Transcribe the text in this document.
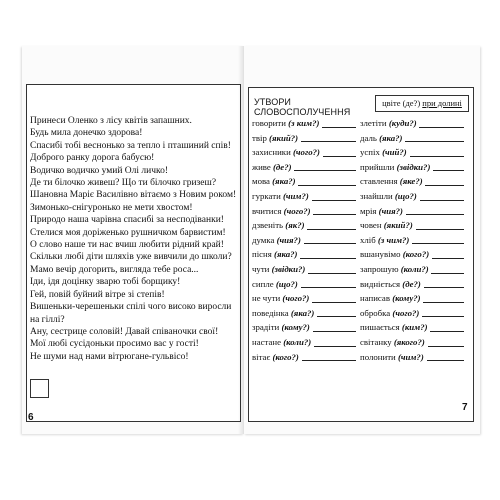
Принеси Оленко з лісу квітів запашних.
Будь мила донечко здорова!
Спасибі тобі веснонько за тепло і пташиний спів!
Доброго ранку дорога бабусю!
Водичко водичко умий Олі личко!
Де ти білочко живеш? Що ти білочко гризеш?
Шановна Маріє Василівно вітаємо з Новим роком!
Зимонько-снігуронько не мети хвостом!
Природо наша чарівна спасибі за несподіванки!
Стелися моя доріженько рушничком барвистим!
О слово наше ти нас вчиш любити рідний край!
Скільки любі діти шляхів уже вивчили до школи?
Мамо вечір догорить, вигляда тебе роса...
Іди, ідя доцінку зварю тобі борщику!
Гей, повій буйний вітре зі степів!
Вишеньки-черешеньки спілі чого високо виросли
на гіллі?
Ану, сестрице соловій! Давай співаночки свої!
Мої любі сусідоньки просимо вас у гості!
Не шуми над нами вітрюгане-гульвісо!
6
УТВОРИ СЛОВОСПОЛУЧЕННЯ
цвіте (де?) при долині
говорити (з ким?)	злетіти (куди?)
твір (який?)	даль (яка?)
захисники (чого?)	успіх (чий?)
живе (де?)	прийшли (звідки?)
мова (яка?)	ставлення (яке?)
гуркати (чим?)	знайшли (що?)
вчитися (чого?)	мрія (чия?)
дзвеніть (як?)	човен (який?)
думка (чия?)	хліб (з чим?)
пісня (яка?)	вшанувімо (кого?)
чути (звідки?)	запрошую (коли?)
сипле (що?)	видніється (де?)
не чути (чого?)	написав (кому?)
поведінка (яка?)	обробка (чого?)
зрадіти (кому?)	пишається (ким?)
настане (коли?)	світанку (якого?)
вітає (кого?)	полонити (чим?)
7
